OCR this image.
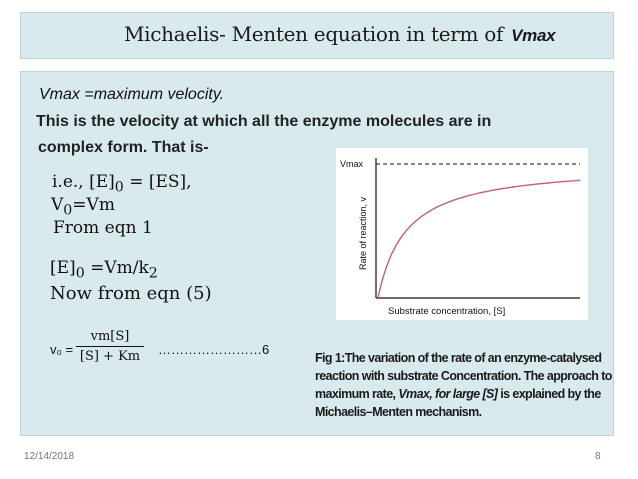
Michaelis- Menten equation in term of Vmax
Vmax =maximum velocity.
This is the velocity at which all the enzyme molecules are in
complex form. That is-
i.e., $[E]_0 = [ES]$,
$V_0=Vm$
From eqn 1
$[E]_0 =Vm/k_2$
Now from eqn (5)
Vmax
Rate of reaction, v
Substrate concentration, [S]
$v_0 = \frac{vm[S]}{[S] + Km}$ ……………………6
Fig 1:The variation of the rate of an enzyme-catalysed reaction with substrate Concentration. The approach to maximum rate, Vmax, for large [S] is explained by the Michaelis–Menten mechanism.
12/14/2018	8
